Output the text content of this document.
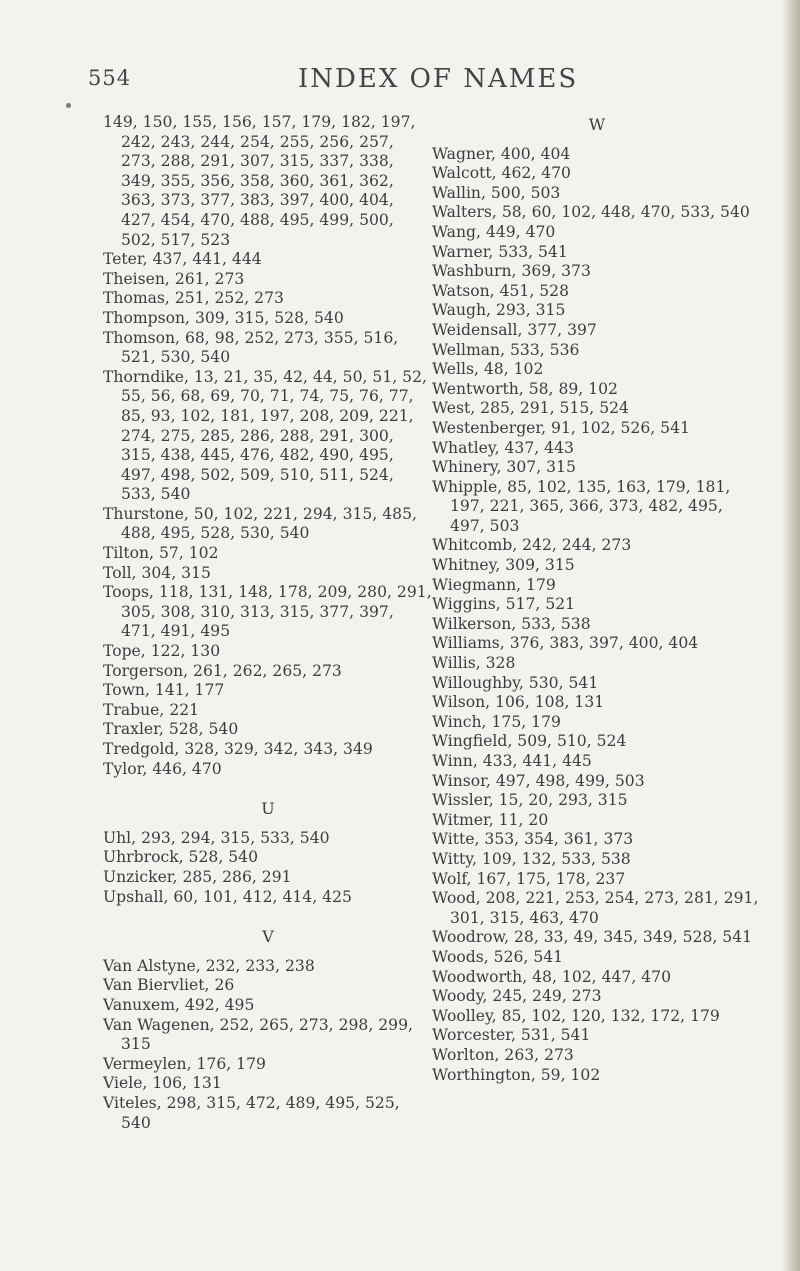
554	INDEX OF NAMES
149, 150, 155, 156, 157, 179, 182, 197, 242, 243, 244, 254, 255, 256, 257, 273, 288, 291, 307, 315, 337, 338, 349, 355, 356, 358, 360, 361, 362, 363, 373, 377, 383, 397, 400, 404, 427, 454, 470, 488, 495, 499, 500, 502, 517, 523
Teter, 437, 441, 444
Theisen, 261, 273
Thomas, 251, 252, 273
Thompson, 309, 315, 528, 540
Thomson, 68, 98, 252, 273, 355, 516, 521, 530, 540
Thorndike, 13, 21, 35, 42, 44, 50, 51, 52, 55, 56, 68, 69, 70, 71, 74, 75, 76, 77, 85, 93, 102, 181, 197, 208, 209, 221, 274, 275, 285, 286, 288, 291, 300, 315, 438, 445, 476, 482, 490, 495, 497, 498, 502, 509, 510, 511, 524, 533, 540
Thurstone, 50, 102, 221, 294, 315, 485, 488, 495, 528, 530, 540
Tilton, 57, 102
Toll, 304, 315
Toops, 118, 131, 148, 178, 209, 280, 291, 305, 308, 310, 313, 315, 377, 397, 471, 491, 495
Tope, 122, 130
Torgerson, 261, 262, 265, 273
Town, 141, 177
Trabue, 221
Traxler, 528, 540
Tredgold, 328, 329, 342, 343, 349
Tylor, 446, 470
U
Uhl, 293, 294, 315, 533, 540
Uhrbrock, 528, 540
Unzicker, 285, 286, 291
Upshall, 60, 101, 412, 414, 425
V
Van Alstyne, 232, 233, 238
Van Biervliet, 26
Vanuxem, 492, 495
Van Wagenen, 252, 265, 273, 298, 299, 315
Vermeylen, 176, 179
Viele, 106, 131
Viteles, 298, 315, 472, 489, 495, 525, 540
W
Wagner, 400, 404
Walcott, 462, 470
Wallin, 500, 503
Walters, 58, 60, 102, 448, 470, 533, 540
Wang, 449, 470
Warner, 533, 541
Washburn, 369, 373
Watson, 451, 528
Waugh, 293, 315
Weidensall, 377, 397
Wellman, 533, 536
Wells, 48, 102
Wentworth, 58, 89, 102
West, 285, 291, 515, 524
Westenberger, 91, 102, 526, 541
Whatley, 437, 443
Whinery, 307, 315
Whipple, 85, 102, 135, 163, 179, 181, 197, 221, 365, 366, 373, 482, 495, 497, 503
Whitcomb, 242, 244, 273
Whitney, 309, 315
Wiegmann, 179
Wiggins, 517, 521
Wilkerson, 533, 538
Williams, 376, 383, 397, 400, 404
Willis, 328
Willoughby, 530, 541
Wilson, 106, 108, 131
Winch, 175, 179
Wingfield, 509, 510, 524
Winn, 433, 441, 445
Winsor, 497, 498, 499, 503
Wissler, 15, 20, 293, 315
Witmer, 11, 20
Witte, 353, 354, 361, 373
Witty, 109, 132, 533, 538
Wolf, 167, 175, 178, 237
Wood, 208, 221, 253, 254, 273, 281, 291, 301, 315, 463, 470
Woodrow, 28, 33, 49, 345, 349, 528, 541
Woods, 526, 541
Woodworth, 48, 102, 447, 470
Woody, 245, 249, 273
Woolley, 85, 102, 120, 132, 172, 179
Worcester, 531, 541
Worlton, 263, 273
Worthington, 59, 102
